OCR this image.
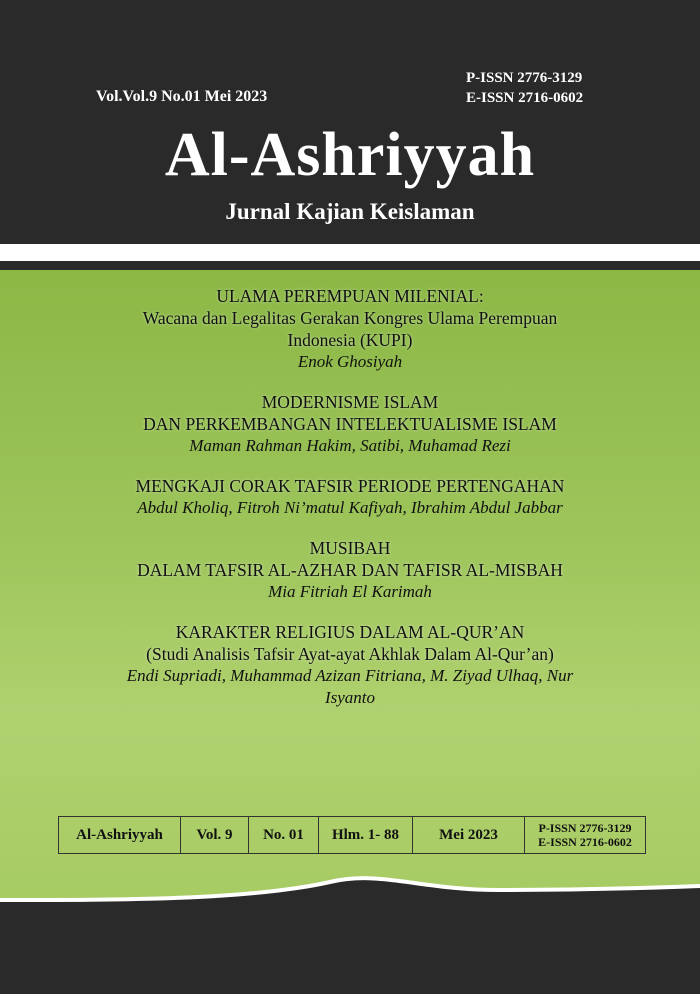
Vol.Vol.9 No.01 Mei 2023
P-ISSN 2776-3129
E-ISSN 2716-0602
Al-Ashriyyah
Jurnal Kajian Keislaman
ULAMA PEREMPUAN MILENIAL:
Wacana dan Legalitas Gerakan Kongres Ulama Perempuan
Indonesia (KUPI)
Enok Ghosiyah
MODERNISME ISLAM
DAN PERKEMBANGAN INTELEKTUALISME ISLAM
Maman Rahman Hakim, Satibi, Muhamad Rezi
MENGKAJI CORAK TAFSIR PERIODE PERTENGAHAN
Abdul Kholiq, Fitroh Ni’matul Kafiyah, Ibrahim Abdul Jabbar
MUSIBAH
DALAM TAFSIR AL-AZHAR DAN TAFISR AL-MISBAH
Mia Fitriah El Karimah
KARAKTER RELIGIUS DALAM AL-QUR’AN
(Studi Analisis Tafsir Ayat-ayat Akhlak Dalam Al-Qur’an)
Endi Supriadi, Muhammad Azizan Fitriana, M. Ziyad Ulhaq, Nur
Isyanto
Al-Ashriyyah	Vol. 9	No. 01	Hlm. 1- 88	Mei 2023	P-ISSN 2776-3129
E-ISSN 2716-0602
